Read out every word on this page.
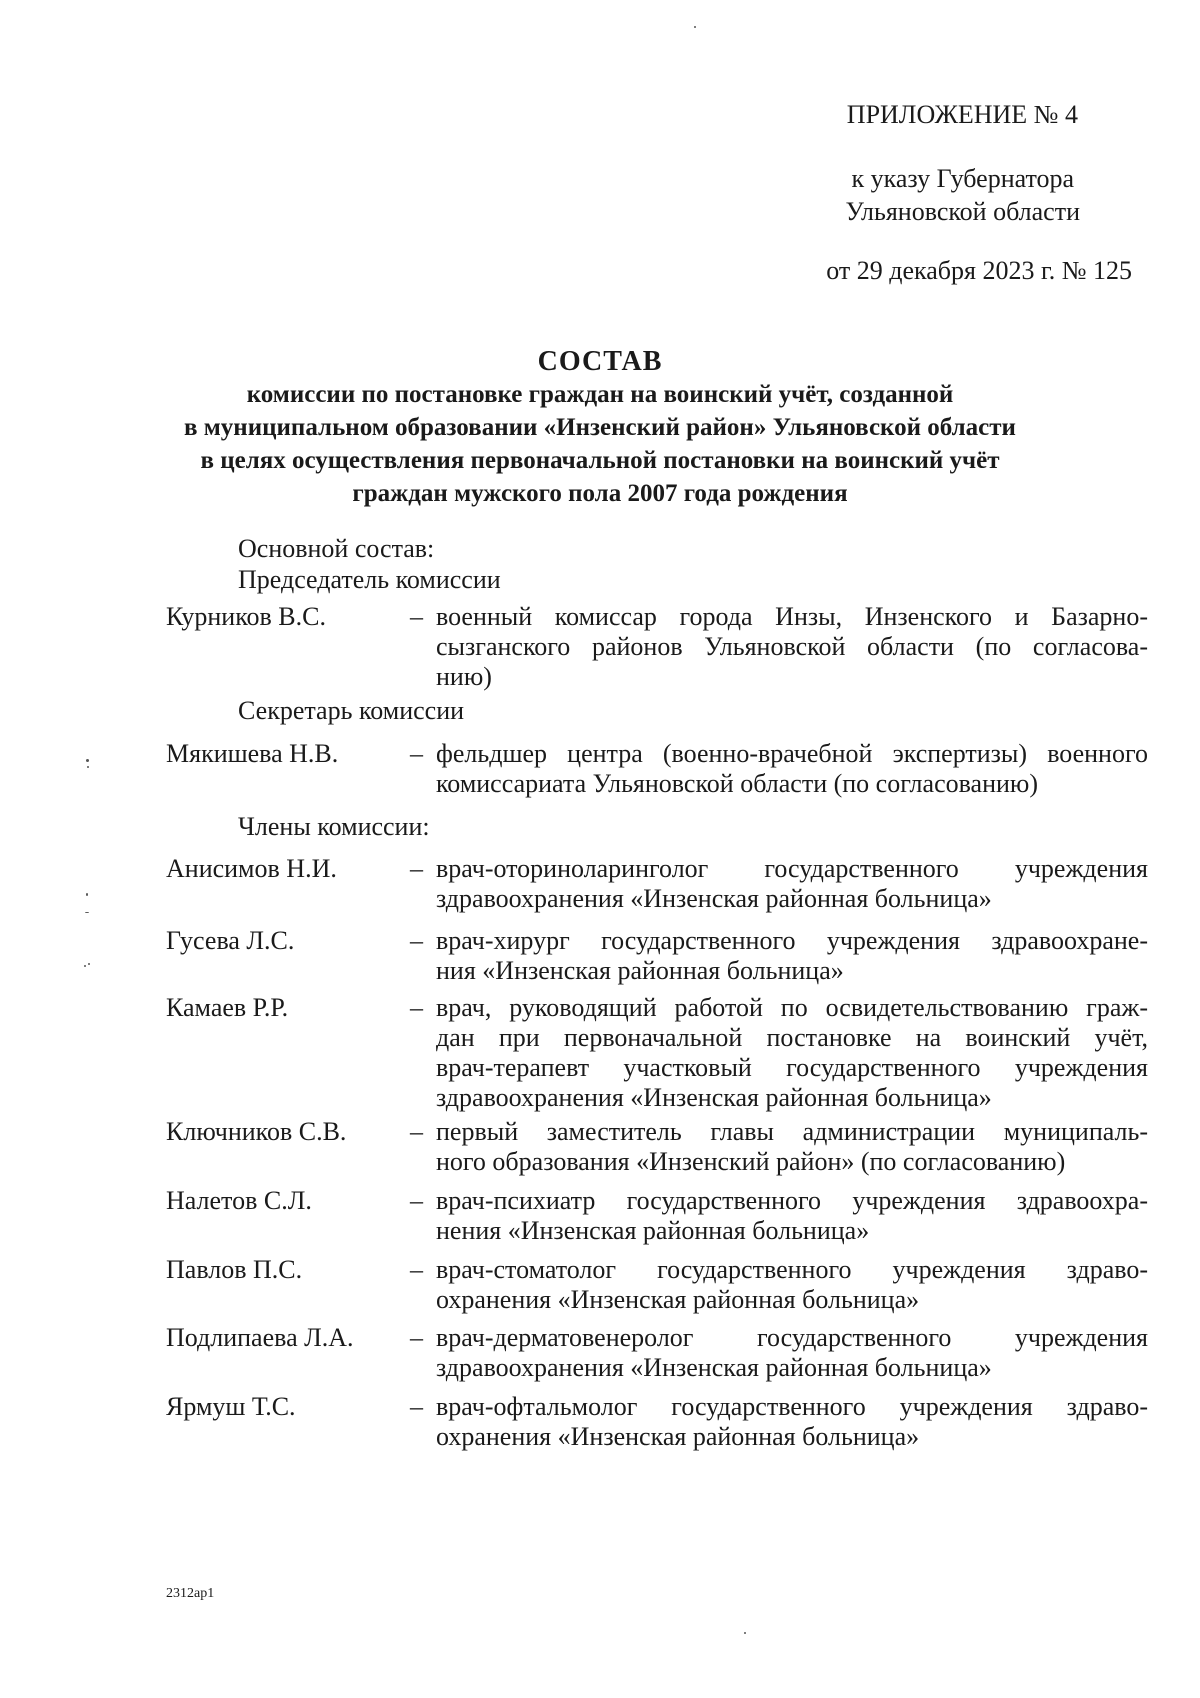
ПРИЛОЖЕНИЕ № 4
к указу Губернатора
Ульяновской области
от 29 декабря 2023 г. № 125
СОСТАВ
комиссии по постановке граждан на воинский учёт, созданной
в муниципальном образовании «Инзенский район» Ульяновской области
в целях осуществления первоначальной постановки на воинский учёт
граждан мужского пола 2007 года рождения
Основной состав:
Председатель комиссии
Курников В.С.	– военный комиссар города Инзы, Инзенского и Базарно-
сызганского районов Ульяновской области (по согласова-
нию)
Секретарь комиссии
Мякишева Н.В.	– фельдшер центра (военно-врачебной экспертизы) военного
комиссариата Ульяновской области (по согласованию)
Члены комиссии:
Анисимов Н.И.	– врач-оториноларинголог государственного учреждения
здравоохранения «Инзенская районная больница»
Гусева Л.С.	– врач-хирург государственного учреждения здравоохране-
ния «Инзенская районная больница»
Камаев Р.Р.	– врач, руководящий работой по освидетельствованию граж-
дан при первоначальной постановке на воинский учёт,
врач-терапевт участковый государственного учреждения
здравоохранения «Инзенская районная больница»
Ключников С.В. – первый заместитель главы администрации муниципаль-
ного образования «Инзенский район» (по согласованию)
Налетов С.Л.	– врач-психиатр государственного учреждения здравоохра-
нения «Инзенская районная больница»
Павлов П.С.	– врач-стоматолог государственного учреждения здраво-
охранения «Инзенская районная больница»
Подлипаева Л.А. – врач-дерматовенеролог государственного учреждения
здравоохранения «Инзенская районная больница»
Ярмуш Т.С.	– врач-офтальмолог государственного учреждения здраво-
охранения «Инзенская районная больница»
2312ap1
